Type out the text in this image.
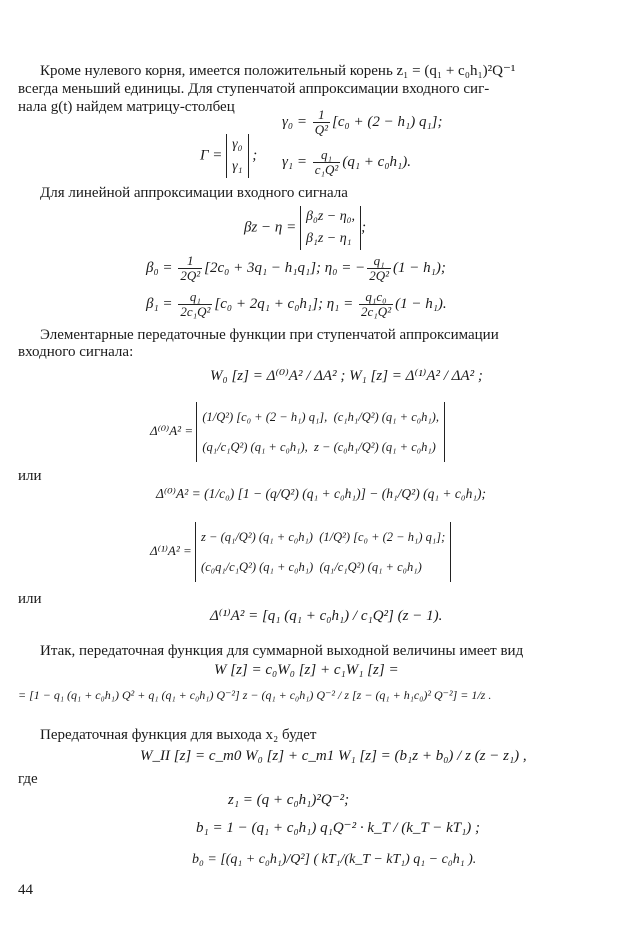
Кроме нулевого корня, имеется положительный корень z₁ = (q₁ + c₀h₁)²Q⁻¹
всегда меньший единицы. Для ступенчатой аппроксимации входного сиг-
нала g(t) найдем матрицу-столбец
Γ =
γ₀
γ₁
;
$\gamma_0 = \frac{1}{\text{Q²}} [c_0 + (2 - h_1)$ q₁];
$\gamma_1 = \frac{\text{q₁}}{\text{c₁Q²}} (q_1 + c_0h_1)$.
Для линейной аппроксимации входного сигнала
βz − η =
β₀z − η₀,
β₁z − η₁
;
$\beta_0 = \frac{1}{\text{2Q²}} [2c_0 + 3q_1 - h_1q_1]$; η₀ = − $\frac{\text{q₁}}{\text{2Q²}} (1 - h_1)$;
$\beta_1 = \frac{\text{q₁}}{\text{2c₁Q²}} [c_0 + 2q_1 + c_0h_1]$; $\eta_1 = \frac{\text{q₁c₀}}{\text{2c₁Q²}} (1 - h_1)$.
Элементарные передаточные функции при ступенчатой аппроксимации
входного сигнала:
W₀ [z] = Δ⁽⁰⁾A² / ΔA² ; W₁ [z] = Δ⁽¹⁾A² / ΔA² ;
Δ⁽⁰⁾A² =
(1/Q²) [c₀ + (2 − h₁) q₁], (c₁h₁/Q²) (q₁ + c₀h₁),
(q₁/c₁Q²) (q₁ + c₀h₁), z − (c₀h₁/Q²) (q₁ + c₀h₁)
или
Δ⁽⁰⁾A² = (1/c₀) [1 − (q/Q²) (q₁ + c₀h₁)] − (h₁/Q²) (q₁ + c₀h₁);
Δ⁽¹⁾A² =
z − (q₁/Q²) (q₁ + c₀h₁) (1/Q²) [c₀ + (2 − h₁) q₁];
(c₀q₁/c₁Q²) (q₁ + c₀h₁) (q₁/c₁Q²) (q₁ + c₀h₁)
или
Δ⁽¹⁾A² = [q₁ (q₁ + c₀h₁) / c₁Q²] (z − 1).
Итак, передаточная функция для суммарной выходной величины имеет вид
W [z] = c₀W₀ [z] + c₁W₁ [z] =
= [1 − q₁ (q₁ + c₀h₁) Q² + q₁ (q₁ + c₀h₁) Q⁻²] z − (q₁ + c₀h₁) Q⁻² / z [z − (q₁ + h₁c₀)² Q⁻²] = 1/z .
Передаточная функция для выхода x₂ будет
W_II [z] = c_m0 W₀ [z] + c_m1 W₁ [z] = (b₁z + b₀) / z (z − z₁) ,
где
z₁ = (q + c₀h₁)²Q⁻²;
b₁ = 1 − (q₁ + c₀h₁) q₁Q⁻² · k_T / (k_T − kT₁) ;
b₀ = [(q₁ + c₀h₁)/Q²] ( kT₁/(k_T − kT₁) q₁ − c₀h₁ ).
44
